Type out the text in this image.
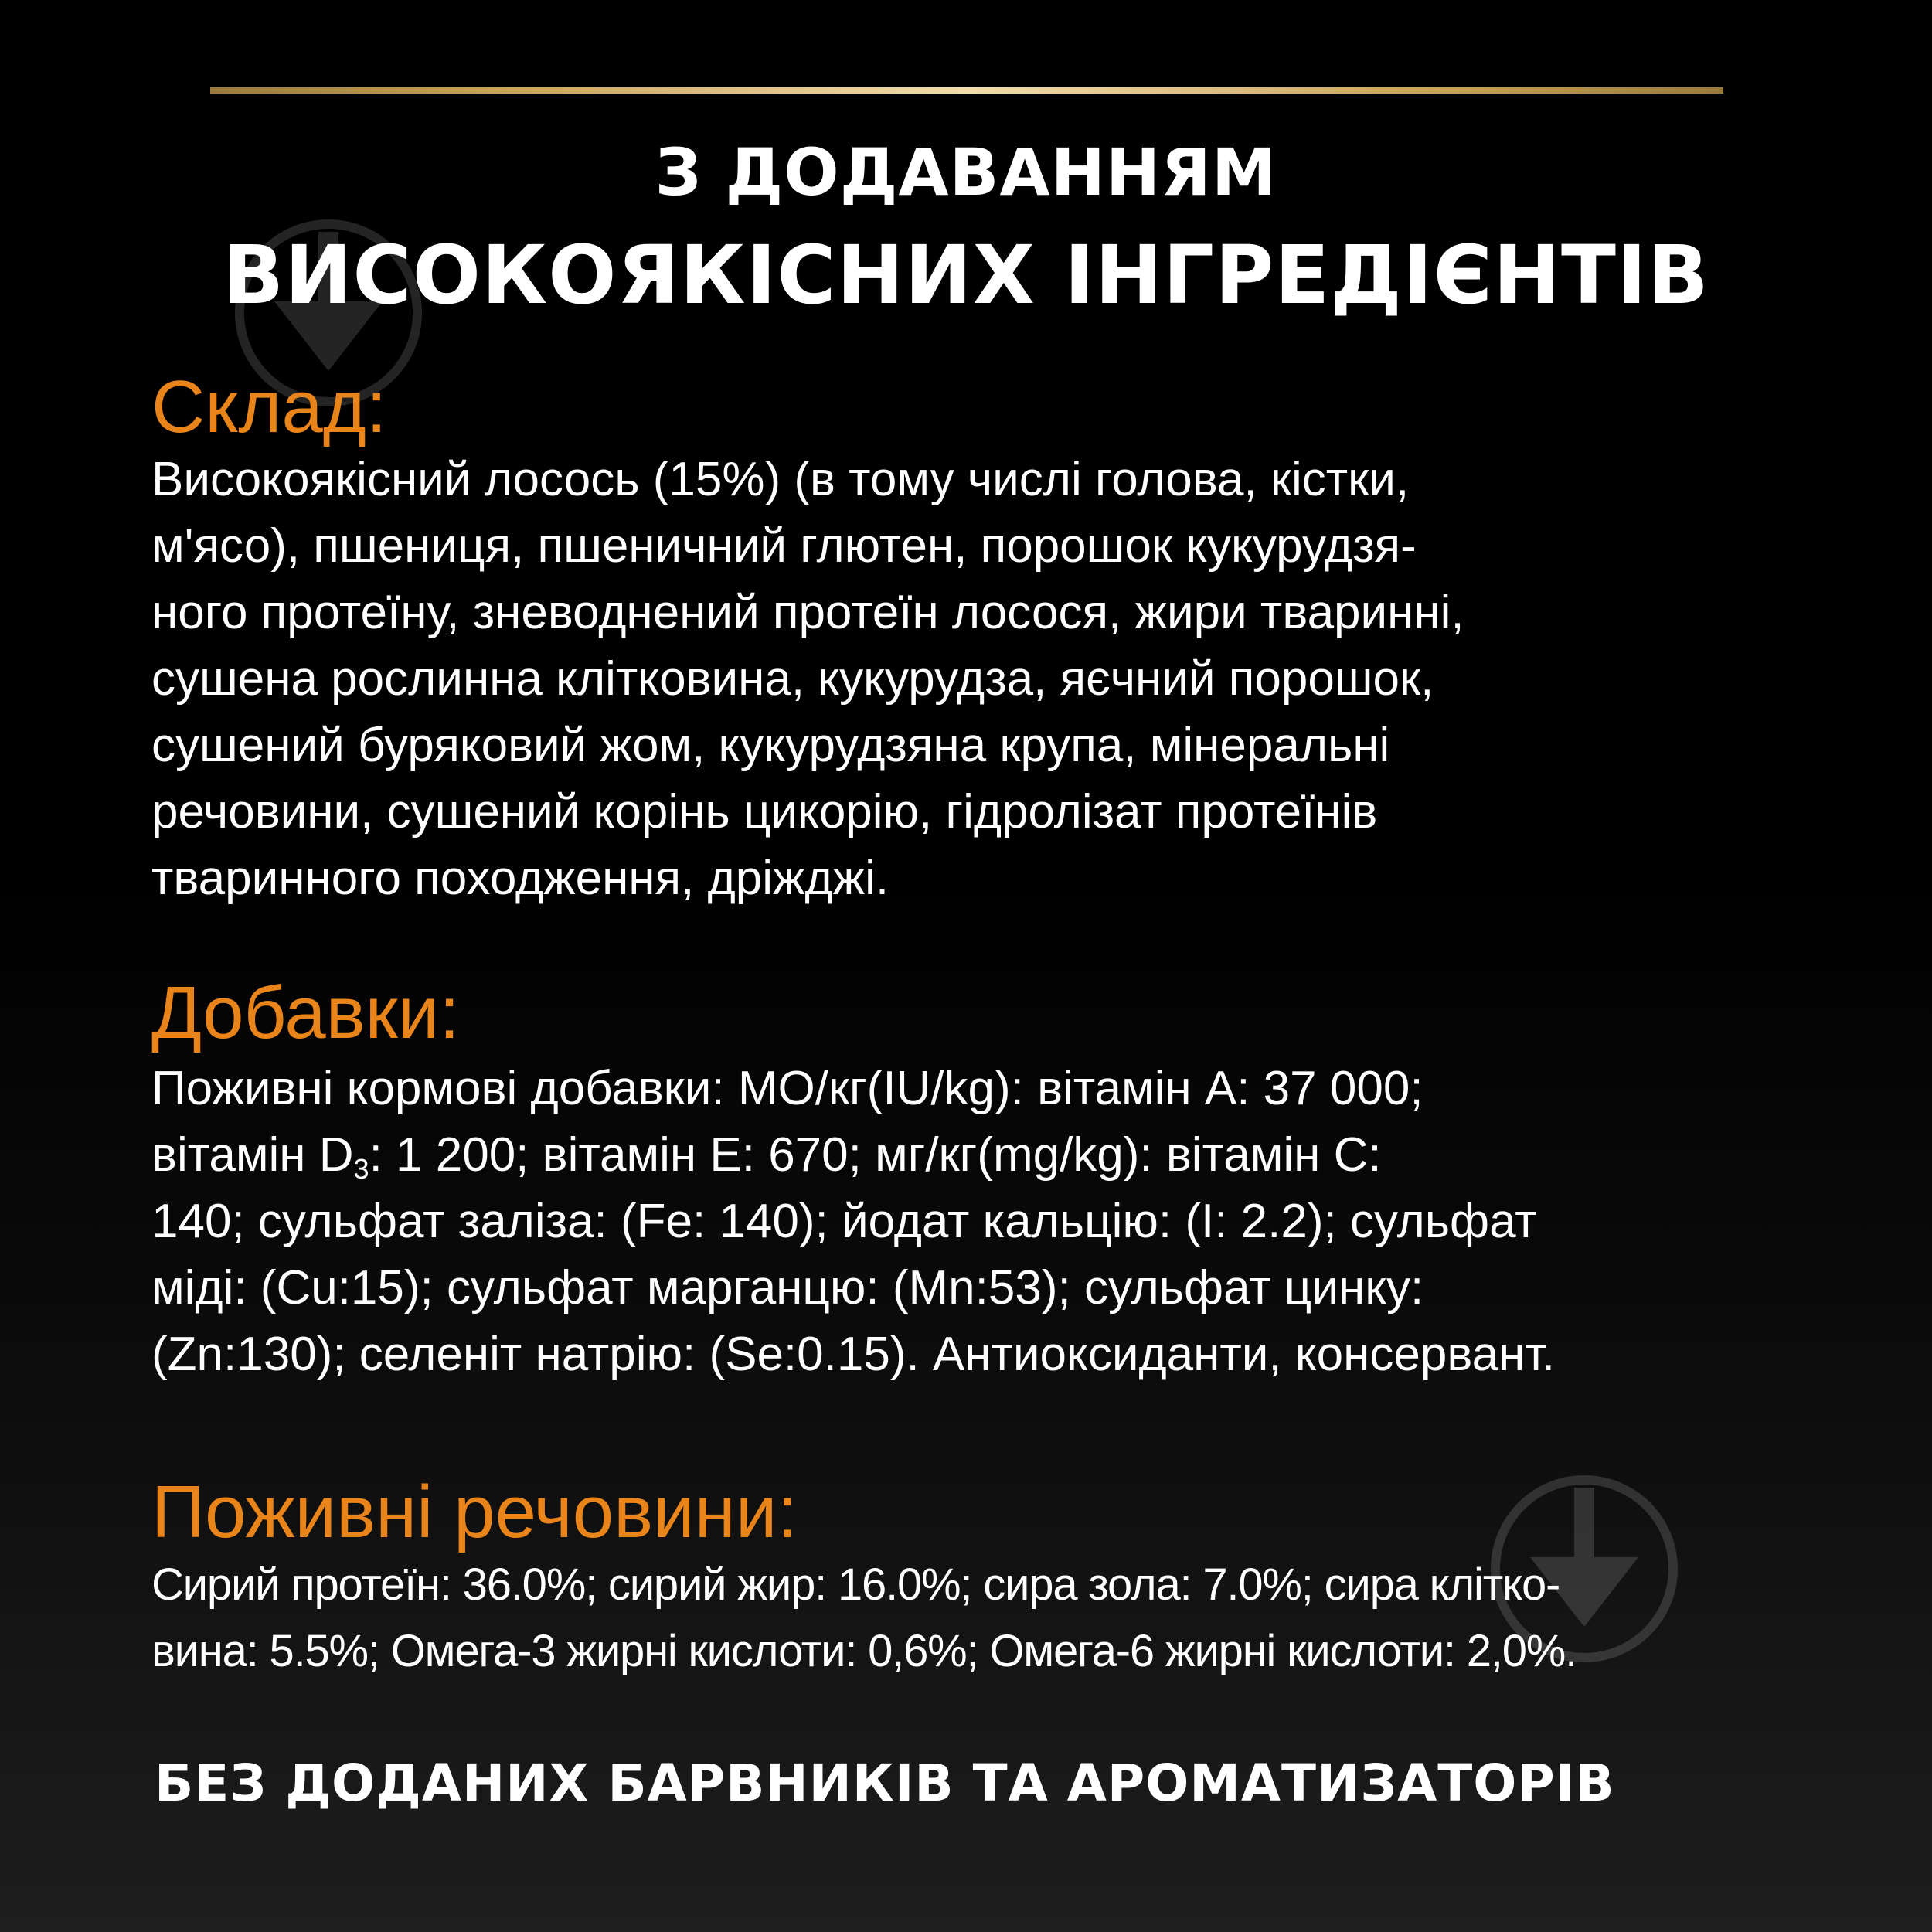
З ДОДАВАННЯМ
ВИСОКОЯКІСНИХ ІНГРЕДІЄНТІВ
Склад:
Високоякісний лосось (15%) (в тому числі голова, кістки,
м'ясо), пшениця, пшеничний глютен, порошок кукурудзя-
ного протеїну, зневоднений протеїн лосося, жири тваринні,
сушена рослинна клітковина, кукурудза, яєчний порошок,
сушений буряковий жом, кукурудзяна крупа, мінеральні
речовини, сушений корінь цикорію, гідролізат протеїнів
тваринного походження, дріжджі.
Добавки:
Поживні кормові добавки: МО/кг(IU/kg): вітамін А: 37 000;
вітамін $D_3$: 1 200; вітамін Е: 670; мг/кг(mg/kg): вітамін С:
140; сульфат заліза: (Fe: 140); йодат кальцію: (I: 2.2); сульфат
міді: (Cu:15); сульфат марганцю: (Mn:53); сульфат цинку:
(Zn:130); селеніт натрію: (Se:0.15). Антиоксиданти, консервант.
Поживні речовини:
Сирий протеїн: 36.0%; сирий жир: 16.0%; сира зола: 7.0%; сира клітко-
вина: 5.5%; Омега-3 жирні кислоти: 0,6%; Омега-6 жирні кислоти: 2,0%.
БЕЗ ДОДАНИХ БАРВНИКІВ ТА АРОМАТИЗАТОРІВ
